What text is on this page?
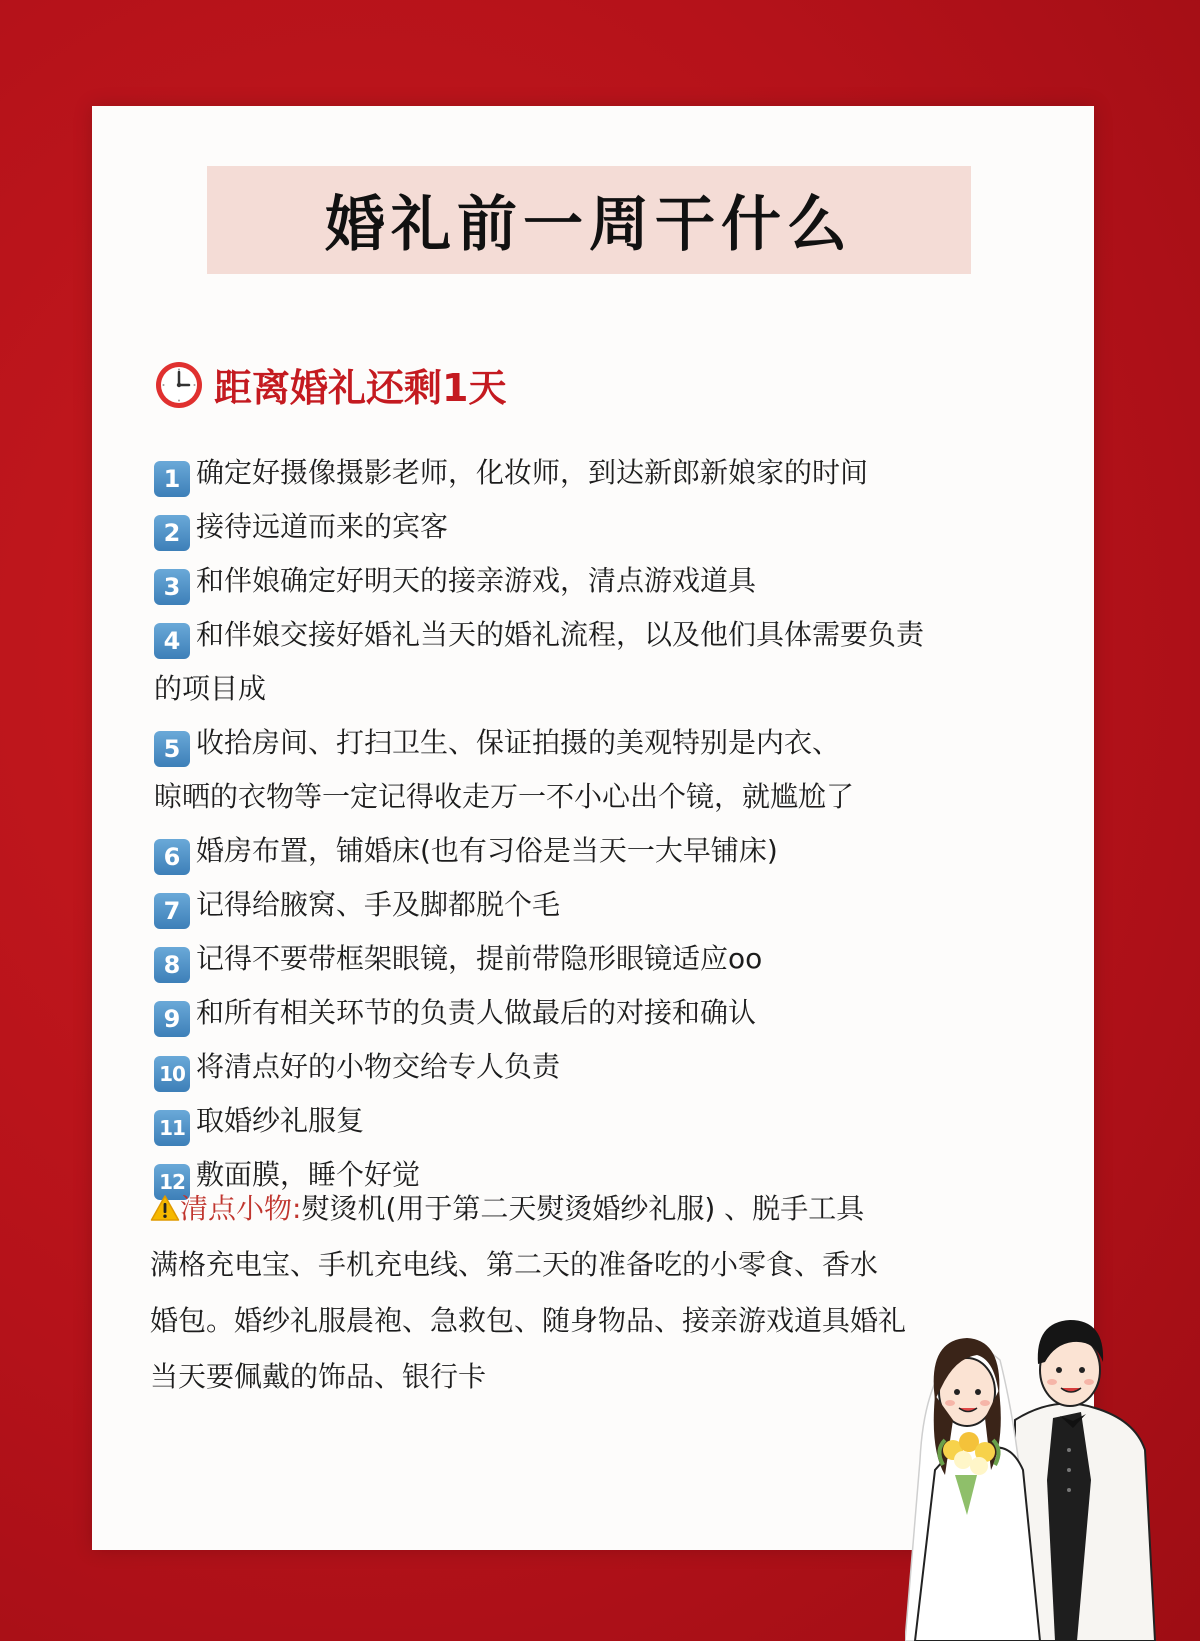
婚礼前一周干什么
距离婚礼还剩1天
1 确定好摄像摄影老师，化妆师，到达新郎新娘家的时间
2 接待远道而来的宾客
3 和伴娘确定好明天的接亲游戏，清点游戏道具
4 和伴娘交接好婚礼当天的婚礼流程，以及他们具体需要负责
的项目成
5 收拾房间、打扫卫生、保证拍摄的美观特别是内衣、
晾晒的衣物等一定记得收走万一不小心出个镜，就尴尬了
6 婚房布置，铺婚床(也有习俗是当天一大早铺床)
7 记得给腋窝、手及脚都脱个毛
8 记得不要带框架眼镜，提前带隐形眼镜适应oo
9 和所有相关环节的负责人做最后的对接和确认
10 将清点好的小物交给专人负责
11 取婚纱礼服复
12 敷面膜，睡个好觉
清点小物:熨烫机(用于第二天熨烫婚纱礼服) 、脱手工具
满格充电宝、手机充电线、第二天的准备吃的小零食、香水
婚包。婚纱礼服晨袍、急救包、随身物品、接亲游戏道具婚礼
当天要佩戴的饰品、银行卡
